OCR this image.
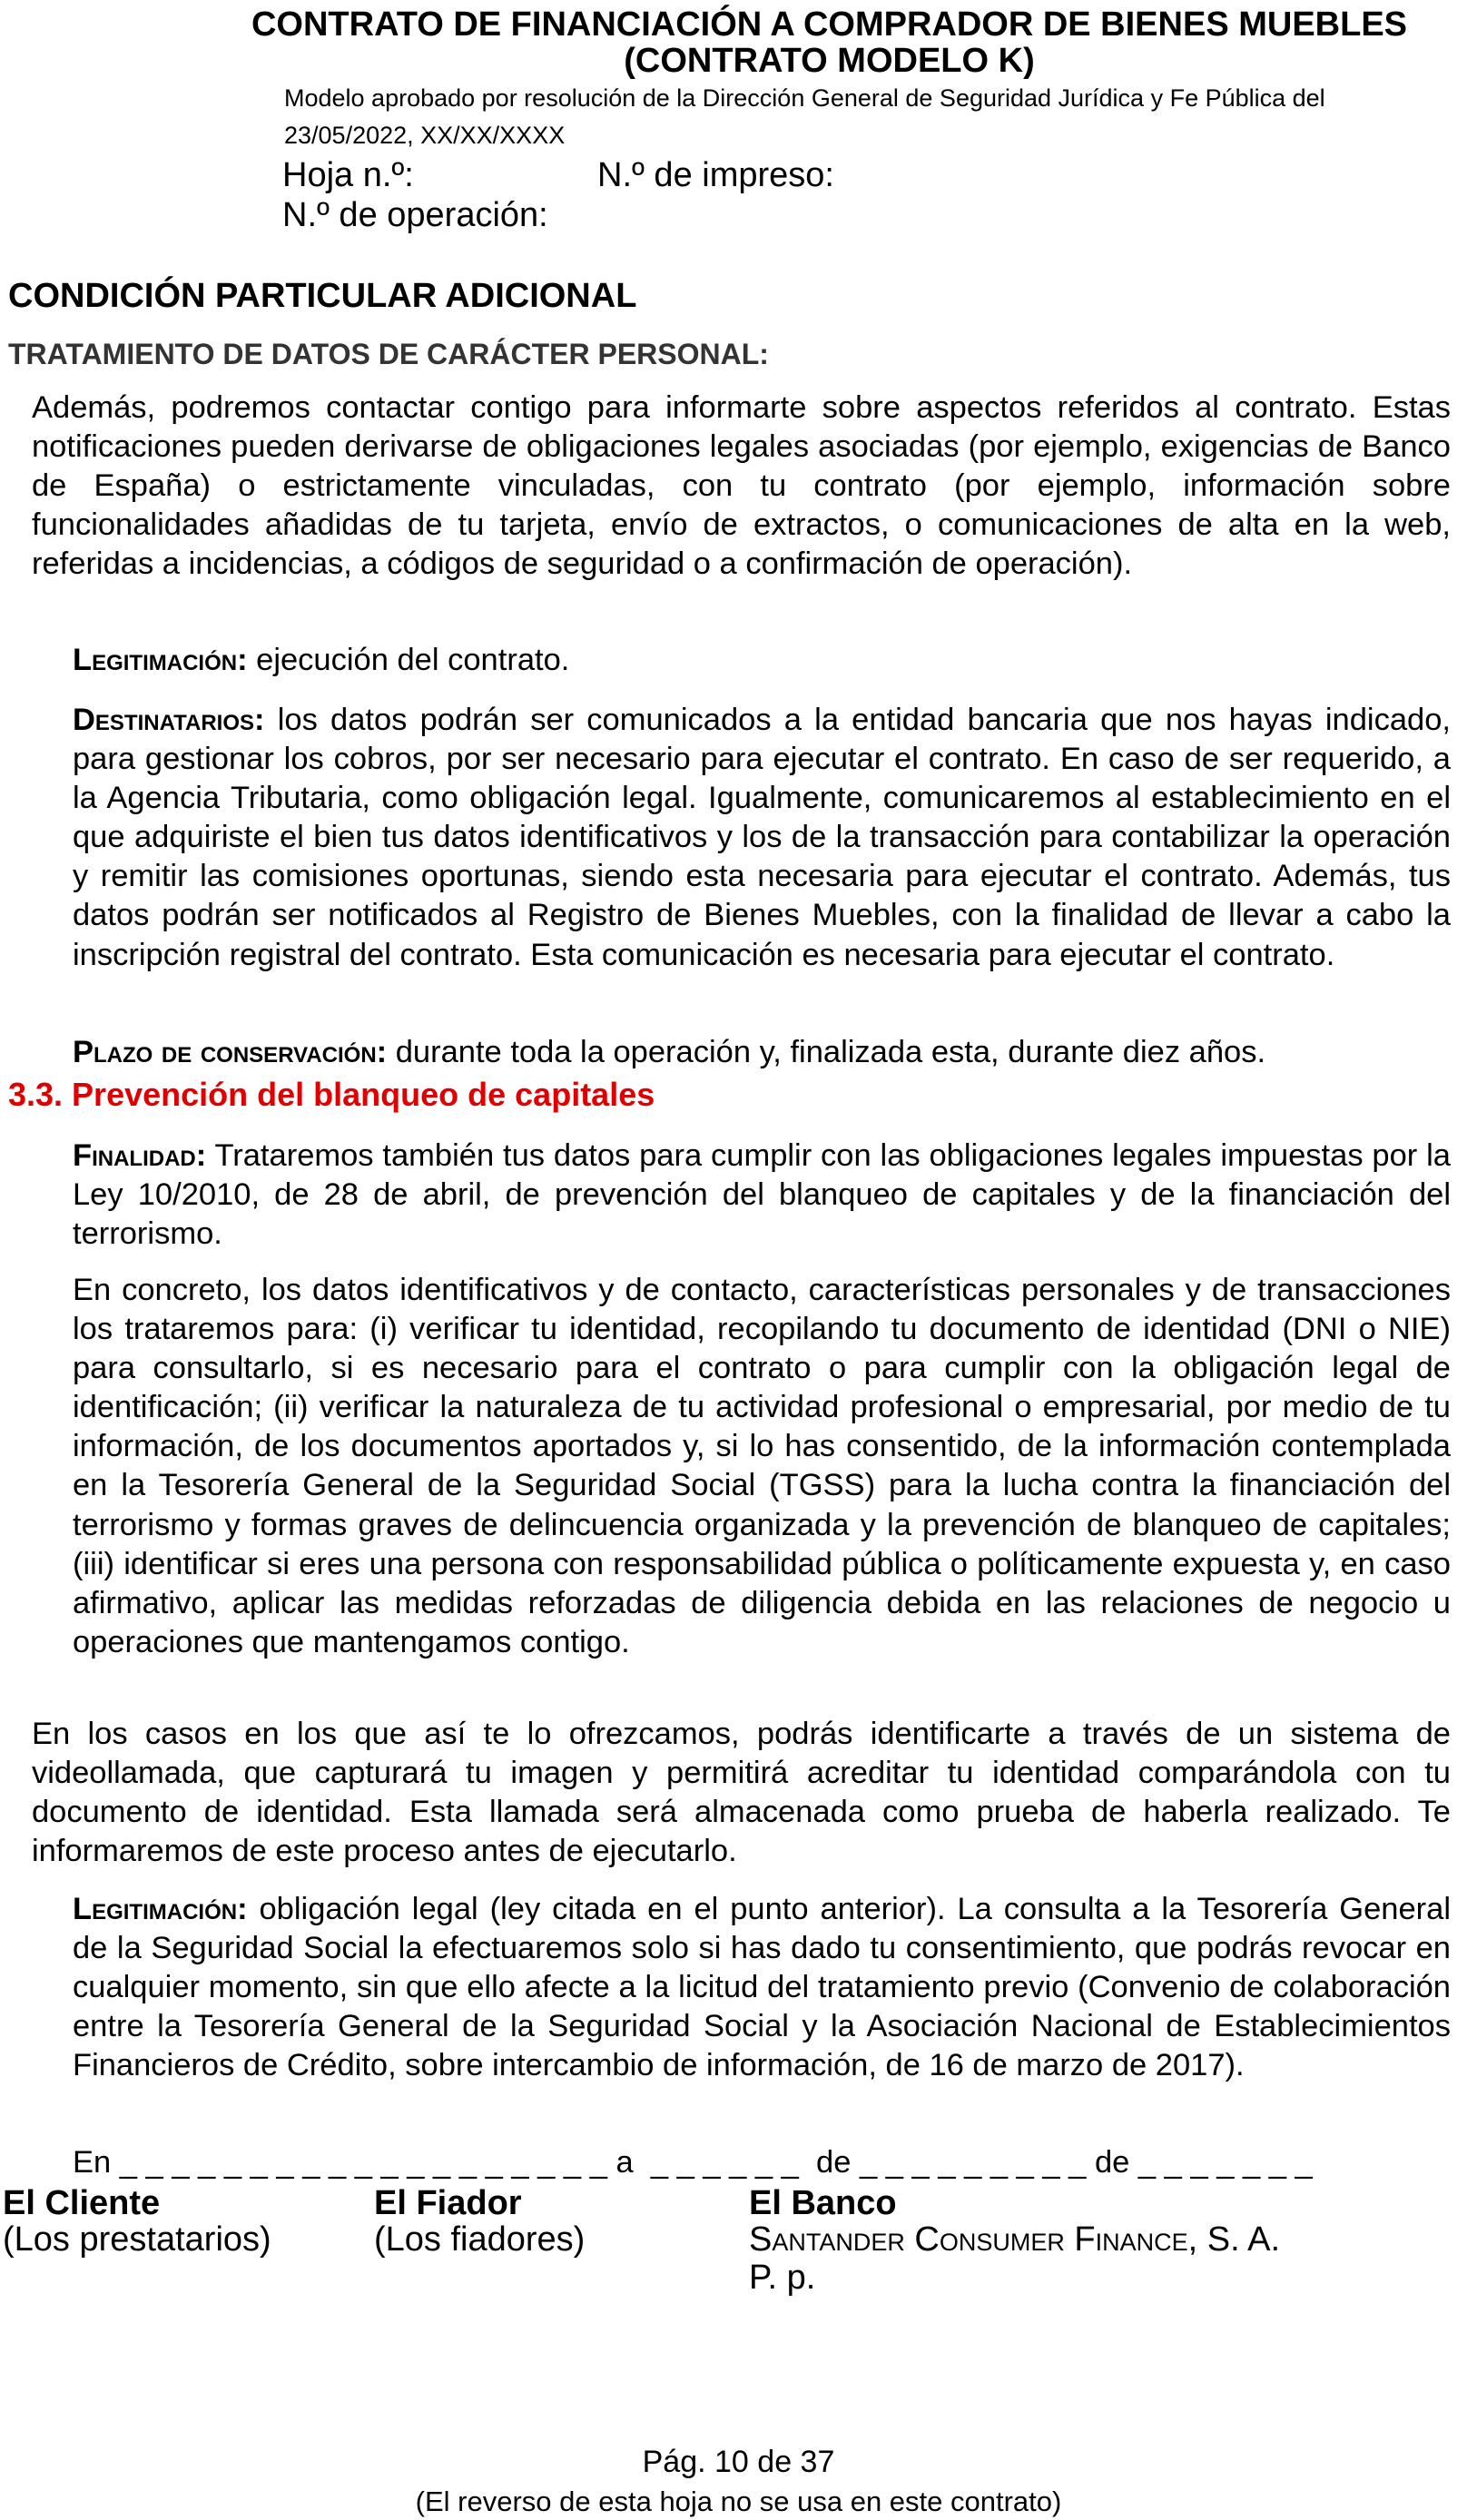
CONTRATO DE FINANCIACIÓN A COMPRADOR DE BIENES MUEBLES
(CONTRATO MODELO K)
Modelo aprobado por resolución de la Dirección General de Seguridad Jurídica y Fe Pública del
23/05/2022, XX/XX/XXXX
Hoja n.º:	N.º de impreso:
N.º de operación:
CONDICIÓN PARTICULAR ADICIONAL
TRATAMIENTO DE DATOS DE CARÁCTER PERSONAL:
Además, podremos contactar contigo para informarte sobre aspectos referidos al contrato. Estas notificaciones pueden derivarse de obligaciones legales asociadas (por ejemplo, exigencias de Banco de España) o estrictamente vinculadas, con tu contrato (por ejemplo, información sobre funcionalidades añadidas de tu tarjeta, envío de extractos, o comunicaciones de alta en la web, referidas a incidencias, a códigos de seguridad o a confirmación de operación).
Legitimación: ejecución del contrato.
Destinatarios: los datos podrán ser comunicados a la entidad bancaria que nos hayas indicado, para gestionar los cobros, por ser necesario para ejecutar el contrato. En caso de ser requerido, a la Agencia Tributaria, como obligación legal. Igualmente, comunicaremos al establecimiento en el que adquiriste el bien tus datos identificativos y los de la transacción para contabilizar la operación y remitir las comisiones oportunas, siendo esta necesaria para ejecutar el contrato. Además, tus datos podrán ser notificados al Registro de Bienes Muebles, con la finalidad de llevar a cabo la inscripción registral del contrato. Esta comunicación es necesaria para ejecutar el contrato.
Plazo de conservación: durante toda la operación y, finalizada esta, durante diez años.
3.3. Prevención del blanqueo de capitales
Finalidad: Trataremos también tus datos para cumplir con las obligaciones legales impuestas por la Ley 10/2010, de 28 de abril, de prevención del blanqueo de capitales y de la financiación del terrorismo.
En concreto, los datos identificativos y de contacto, características personales y de transacciones los trataremos para: (i) verificar tu identidad, recopilando tu documento de identidad (DNI o NIE) para consultarlo, si es necesario para el contrato o para cumplir con la obligación legal de identificación; (ii) verificar la naturaleza de tu actividad profesional o empresarial, por medio de tu información, de los documentos aportados y, si lo has consentido, de la información contemplada en la Tesorería General de la Seguridad Social (TGSS) para la lucha contra la financiación del terrorismo y formas graves de delincuencia organizada y la prevención de blanqueo de capitales; (iii) identificar si eres una persona con responsabilidad pública o políticamente expuesta y, en caso afirmativo, aplicar las medidas reforzadas de diligencia debida en las relaciones de negocio u operaciones que mantengamos contigo.
En los casos en los que así te lo ofrezcamos, podrás identificarte a través de un sistema de videollamada, que capturará tu imagen y permitirá acreditar tu identidad comparándola con tu documento de identidad. Esta llamada será almacenada como prueba de haberla realizado. Te informaremos de este proceso antes de ejecutarlo.
Legitimación: obligación legal (ley citada en el punto anterior). La consulta a la Tesorería General de la Seguridad Social la efectuaremos solo si has dado tu consentimiento, que podrás revocar en cualquier momento, sin que ello afecte a la licitud del tratamiento previo (Convenio de colaboración entre la Tesorería General de la Seguridad Social y la Asociación Nacional de Establecimientos Financieros de Crédito, sobre intercambio de información, de 16 de marzo de 2017).
En _ _ _ _ _ _ _ _ _ _ _ _ _ _ _ _ _ _ _ a  _ _ _ _ _ _  de _ _ _ _ _ _ _ _ _ de _ _ _ _ _ _ _
El Cliente
(Los prestatarios)
El Fiador
(Los fiadores)
El Banco
Santander Consumer Finance, S. A.
P. p.
Pág. 10 de 37
(El reverso de esta hoja no se usa en este contrato)
